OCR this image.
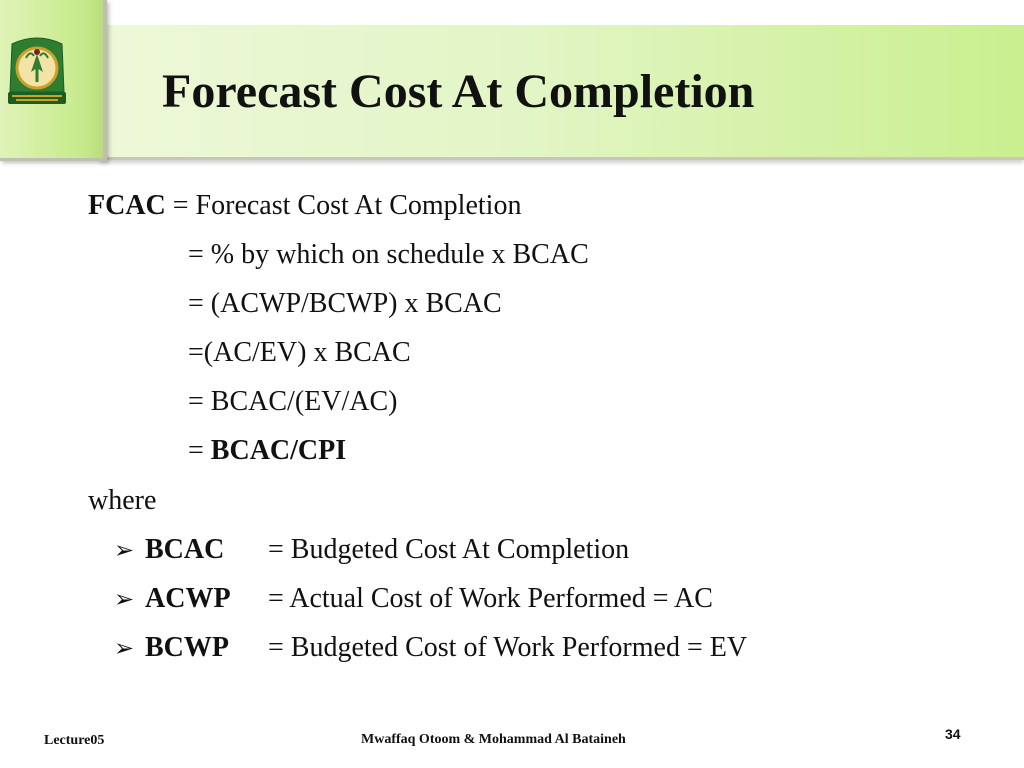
Forecast Cost At Completion
FCAC = Forecast Cost At Completion
= % by which on schedule x BCAC
= (ACWP/BCWP) x BCAC
=(AC/EV) x BCAC
= BCAC/(EV/AC)
= BCAC/CPI
where
➢ BCAC = Budgeted Cost At Completion
➢ ACWP = Actual Cost of Work Performed = AC
➢ BCWP = Budgeted Cost of Work Performed = EV
Lecture05	Mwaffaq Otoom & Mohammad Al Bataineh	34
